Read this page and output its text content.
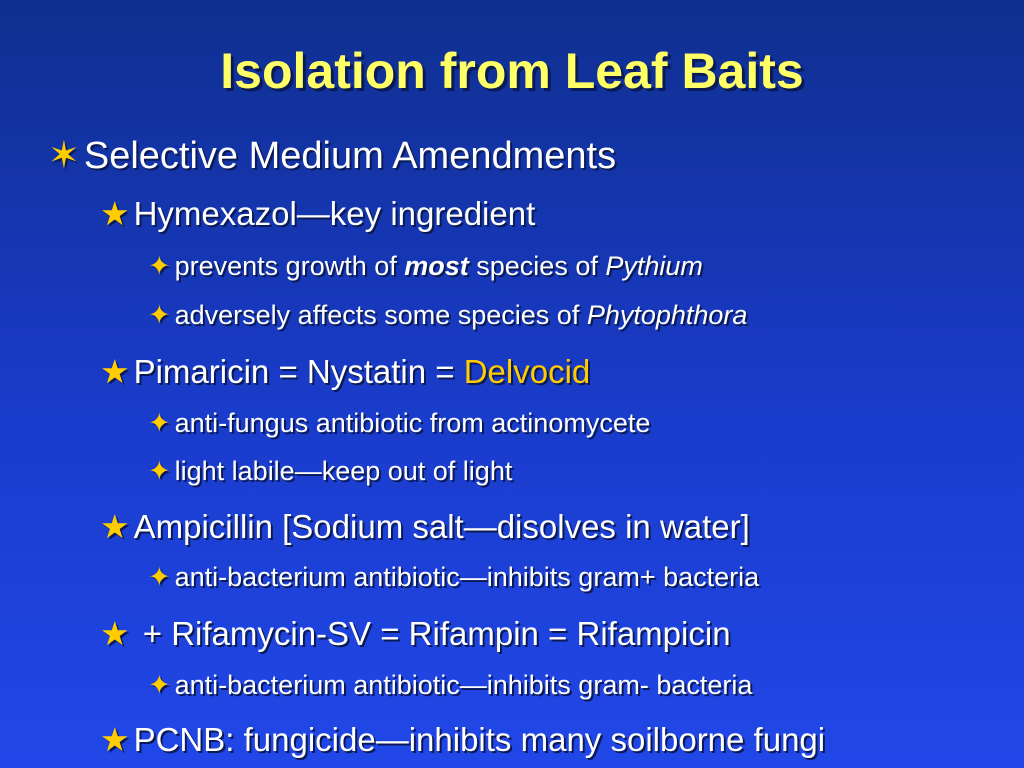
Isolation from Leaf Baits
✶ Selective Medium Amendments
★ Hymexazol—key ingredient
✦ prevents growth of most species of Pythium
✦ adversely affects some species of Phytophthora
★ Pimaricin = Nystatin = Delvocid
✦ anti-fungus antibiotic from actinomycete
✦ light labile—keep out of light
★ Ampicillin [Sodium salt—disolves in water]
✦ anti-bacterium antibiotic—inhibits gram+ bacteria
★ + Rifamycin-SV = Rifampin = Rifampicin
✦ anti-bacterium antibiotic—inhibits gram- bacteria
★ PCNB: fungicide—inhibits many soilborne fungi
